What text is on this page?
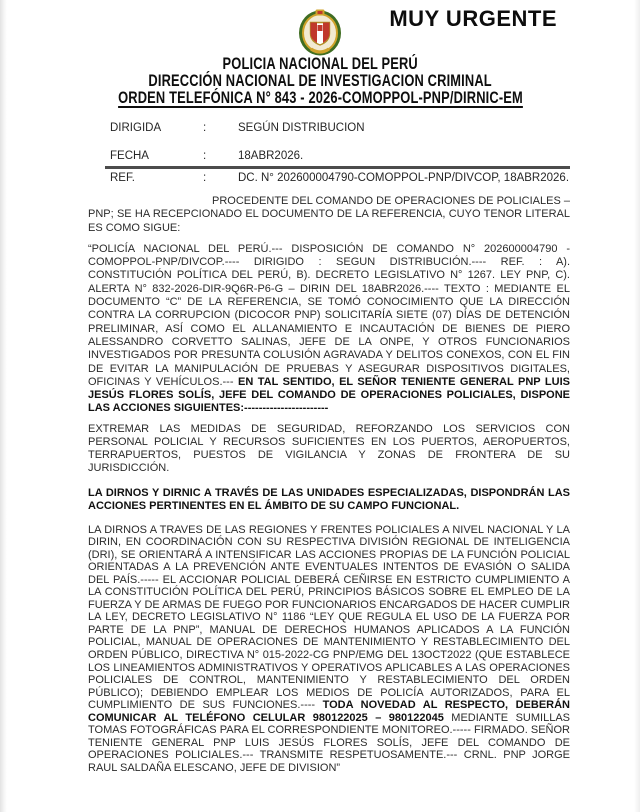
MUY URGENTE
POLICIA NACIONAL DEL PERÚ
DIRECCIÓN NACIONAL DE INVESTIGACION CRIMINAL
ORDEN TELEFÓNICA N° 843 - 2026-COMOPPOL-PNP/DIRNIC-EM
DIRIGIDA	:	SEGÚN DISTRIBUCION
FECHA	:	18ABR2026.
REF.	:	DC. N° 202600004790-COMOPPOL-PNP/DIVCOP, 18ABR2026.

PROCEDENTE DEL COMANDO DE OPERACIONES DE POLICIALES – PNP; SE HA RECEPCIONADO EL DOCUMENTO DE LA REFERENCIA, CUYO TENOR LITERAL ES COMO SIGUE:

“POLICÍA NACIONAL DEL PERÚ.--- DISPOSICIÓN DE COMANDO N° 202600004790 - COMOPPOL-PNP/DIVCOP.---- DIRIGIDO : SEGUN DISTRIBUCIÓN.---- REF. : A). CONSTITUCIÓN POLÍTICA DEL PERÚ, B). DECRETO LEGISLATIVO N° 1267. LEY PNP, C). ALERTA N° 832-2026-DIR-9Q6R-P6-G – DIRIN DEL 18ABR2026.---- TEXTO : MEDIANTE EL DOCUMENTO “C” DE LA REFERENCIA, SE TOMÓ CONOCIMIENTO QUE LA DIRECCIÓN CONTRA LA CORRUPCION (DICOCOR PNP) SOLICITARÍA SIETE (07) DÍAS DE DETENCIÓN PRELIMINAR, ASÍ COMO EL ALLANAMIENTO E INCAUTACIÓN DE BIENES DE PIERO ALESSANDRO CORVETTO SALINAS, JEFE DE LA ONPE, Y OTROS FUNCIONARIOS INVESTIGADOS POR PRESUNTA COLUSIÓN AGRAVADA Y DELITOS CONEXOS, CON EL FIN DE EVITAR LA MANIPULACIÓN DE PRUEBAS Y ASEGURAR DISPOSITIVOS DIGITALES, OFICINAS Y VEHÍCULOS.--- EN TAL SENTIDO, EL SEÑOR TENIENTE GENERAL PNP LUIS JESÚS FLORES SOLÍS, JEFE DEL COMANDO DE OPERACIONES POLICIALES, DISPONE LAS ACCIONES SIGUIENTES:-----------------------

EXTREMAR LAS MEDIDAS DE SEGURIDAD, REFORZANDO LOS SERVICIOS CON PERSONAL POLICIAL Y RECURSOS SUFICIENTES EN LOS PUERTOS, AEROPUERTOS, TERRAPUERTOS, PUESTOS DE VIGILANCIA Y ZONAS DE FRONTERA DE SU JURISDICCIÓN.

LA DIRNOS Y DIRNIC A TRAVÉS DE LAS UNIDADES ESPECIALIZADAS, DISPONDRÁN LAS ACCIONES PERTINENTES EN EL ÁMBITO DE SU CAMPO FUNCIONAL.

LA DIRNOS A TRAVES DE LAS REGIONES Y FRENTES POLICIALES A NIVEL NACIONAL Y LA DIRIN, EN COORDINACIÓN CON SU RESPECTIVA DIVISIÓN REGIONAL DE INTELIGENCIA (DRI), SE ORIENTARÁ A INTENSIFICAR LAS ACCIONES PROPIAS DE LA FUNCIÓN POLICIAL ORIENTADAS A LA PREVENCIÓN ANTE EVENTUALES INTENTOS DE EVASIÓN O SALIDA DEL PAÍS.----- EL ACCIONAR POLICIAL DEBERÁ CEÑIRSE EN ESTRICTO CUMPLIMIENTO A LA CONSTITUCIÓN POLÍTICA DEL PERÚ, PRINCIPIOS BÁSICOS SOBRE EL EMPLEO DE LA FUERZA Y DE ARMAS DE FUEGO POR FUNCIONARIOS ENCARGADOS DE HACER CUMPLIR LA LEY, DECRETO LEGISLATIVO N° 1186 “LEY QUE REGULA EL USO DE LA FUERZA POR PARTE DE LA PNP”, MANUAL DE DERECHOS HUMANOS APLICADOS A LA FUNCIÓN POLICIAL, MANUAL DE OPERACIONES DE MANTENIMIENTO Y RESTABLECIMIENTO DEL ORDEN PÚBLICO, DIRECTIVA N° 015-2022-CG PNP/EMG DEL 13OCT2022 (QUE ESTABLECE LOS LINEAMIENTOS ADMINISTRATIVOS Y OPERATIVOS APLICABLES A LAS OPERACIONES POLICIALES DE CONTROL, MANTENIMIENTO Y RESTABLECIMIENTO DEL ORDEN PÚBLICO); DEBIENDO EMPLEAR LOS MEDIOS DE POLICÍA AUTORIZADOS, PARA EL CUMPLIMIENTO DE SUS FUNCIONES.---- TODA NOVEDAD AL RESPECTO, DEBERÁN COMUNICAR AL TELÉFONO CELULAR 980122025 – 980122045 MEDIANTE SUMILLAS TOMAS FOTOGRÁFICAS PARA EL CORRESPONDIENTE MONITOREO.----- FIRMADO. SEÑOR TENIENTE GENERAL PNP LUIS JESÚS FLORES SOLÍS, JEFE DEL COMANDO DE OPERACIONES POLICIALES.--- TRANSMITE RESPETUOSAMENTE.--- CRNL. PNP JORGE RAUL SALDAÑA ELESCANO, JEFE DE DIVISION”
